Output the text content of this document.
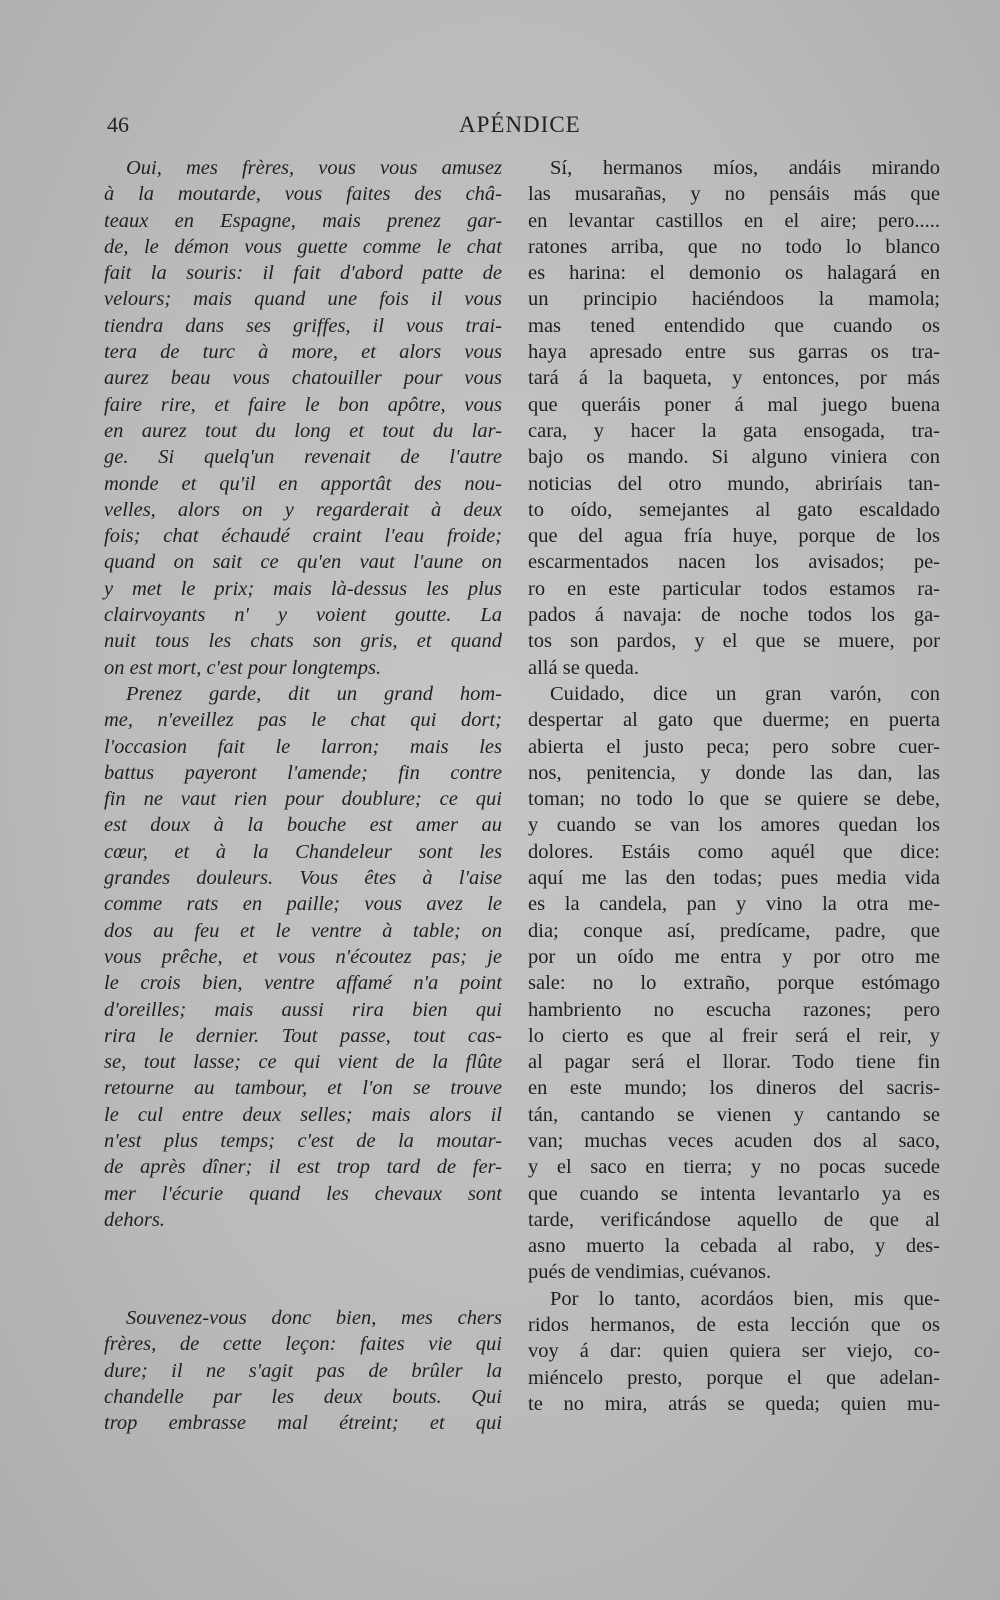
46	APÉNDICE
Oui, mes frères, vous vous amusez
à la moutarde, vous faites des châ-
teaux en Espagne, mais prenez gar-
de, le démon vous guette comme le chat
fait la souris: il fait d'abord patte de
velours; mais quand une fois il vous
tiendra dans ses griffes, il vous trai-
tera de turc à more, et alors vous
aurez beau vous chatouiller pour vous
faire rire, et faire le bon apôtre, vous
en aurez tout du long et tout du lar-
ge. Si quelq'un revenait de l'autre
monde et qu'il en apportât des nou-
velles, alors on y regarderait à deux
fois; chat échaudé craint l'eau froide;
quand on sait ce qu'en vaut l'aune on
y met le prix; mais là-dessus les plus
clairvoyants n' y voient goutte. La
nuit tous les chats son gris, et quand
on est mort, c'est pour longtemps.
Prenez garde, dit un grand hom-
me, n'eveillez pas le chat qui dort;
l'occasion fait le larron; mais les
battus payeront l'amende; fin contre
fin ne vaut rien pour doublure; ce qui
est doux à la bouche est amer au
cœur, et à la Chandeleur sont les
grandes douleurs. Vous êtes à l'aise
comme rats en paille; vous avez le
dos au feu et le ventre à table; on
vous prêche, et vous n'écoutez pas; je
le crois bien, ventre affamé n'a point
d'oreilles; mais aussi rira bien qui
rira le dernier. Tout passe, tout cas-
se, tout lasse; ce qui vient de la flûte
retourne au tambour, et l'on se trouve
le cul entre deux selles; mais alors il
n'est plus temps; c'est de la moutar-
de après dîner; il est trop tard de fer-
mer l'écurie quand les chevaux sont
dehors.
Souvenez-vous donc bien, mes chers
frères, de cette leçon: faites vie qui
dure; il ne s'agit pas de brûler la
chandelle par les deux bouts. Qui
trop embrasse mal étreint; et qui
Sí, hermanos míos, andáis mirando
las musarañas, y no pensáis más que
en levantar castillos en el aire; pero.....
ratones arriba, que no todo lo blanco
es harina: el demonio os halagará en
un principio haciéndoos la mamola;
mas tened entendido que cuando os
haya apresado entre sus garras os tra-
tará á la baqueta, y entonces, por más
que queráis poner á mal juego buena
cara, y hacer la gata ensogada, tra-
bajo os mando. Si alguno viniera con
noticias del otro mundo, abriríais tan-
to oído, semejantes al gato escaldado
que del agua fría huye, porque de los
escarmentados nacen los avisados; pe-
ro en este particular todos estamos ra-
pados á navaja: de noche todos los ga-
tos son pardos, y el que se muere, por
allá se queda.
Cuidado, dice un gran varón, con
despertar al gato que duerme; en puerta
abierta el justo peca; pero sobre cuer-
nos, penitencia, y donde las dan, las
toman; no todo lo que se quiere se debe,
y cuando se van los amores quedan los
dolores. Estáis como aquél que dice:
aquí me las den todas; pues media vida
es la candela, pan y vino la otra me-
dia; conque así, predícame, padre, que
por un oído me entra y por otro me
sale: no lo extraño, porque estómago
hambriento no escucha razones; pero
lo cierto es que al freir será el reir, y
al pagar será el llorar. Todo tiene fin
en este mundo; los dineros del sacris-
tán, cantando se vienen y cantando se
van; muchas veces acuden dos al saco,
y el saco en tierra; y no pocas sucede
que cuando se intenta levantarlo ya es
tarde, verificándose aquello de que al
asno muerto la cebada al rabo, y des-
pués de vendimias, cuévanos.
Por lo tanto, acordáos bien, mis que-
ridos hermanos, de esta lección que os
voy á dar: quien quiera ser viejo, co-
miéncelo presto, porque el que adelan-
te no mira, atrás se queda; quien mu-
